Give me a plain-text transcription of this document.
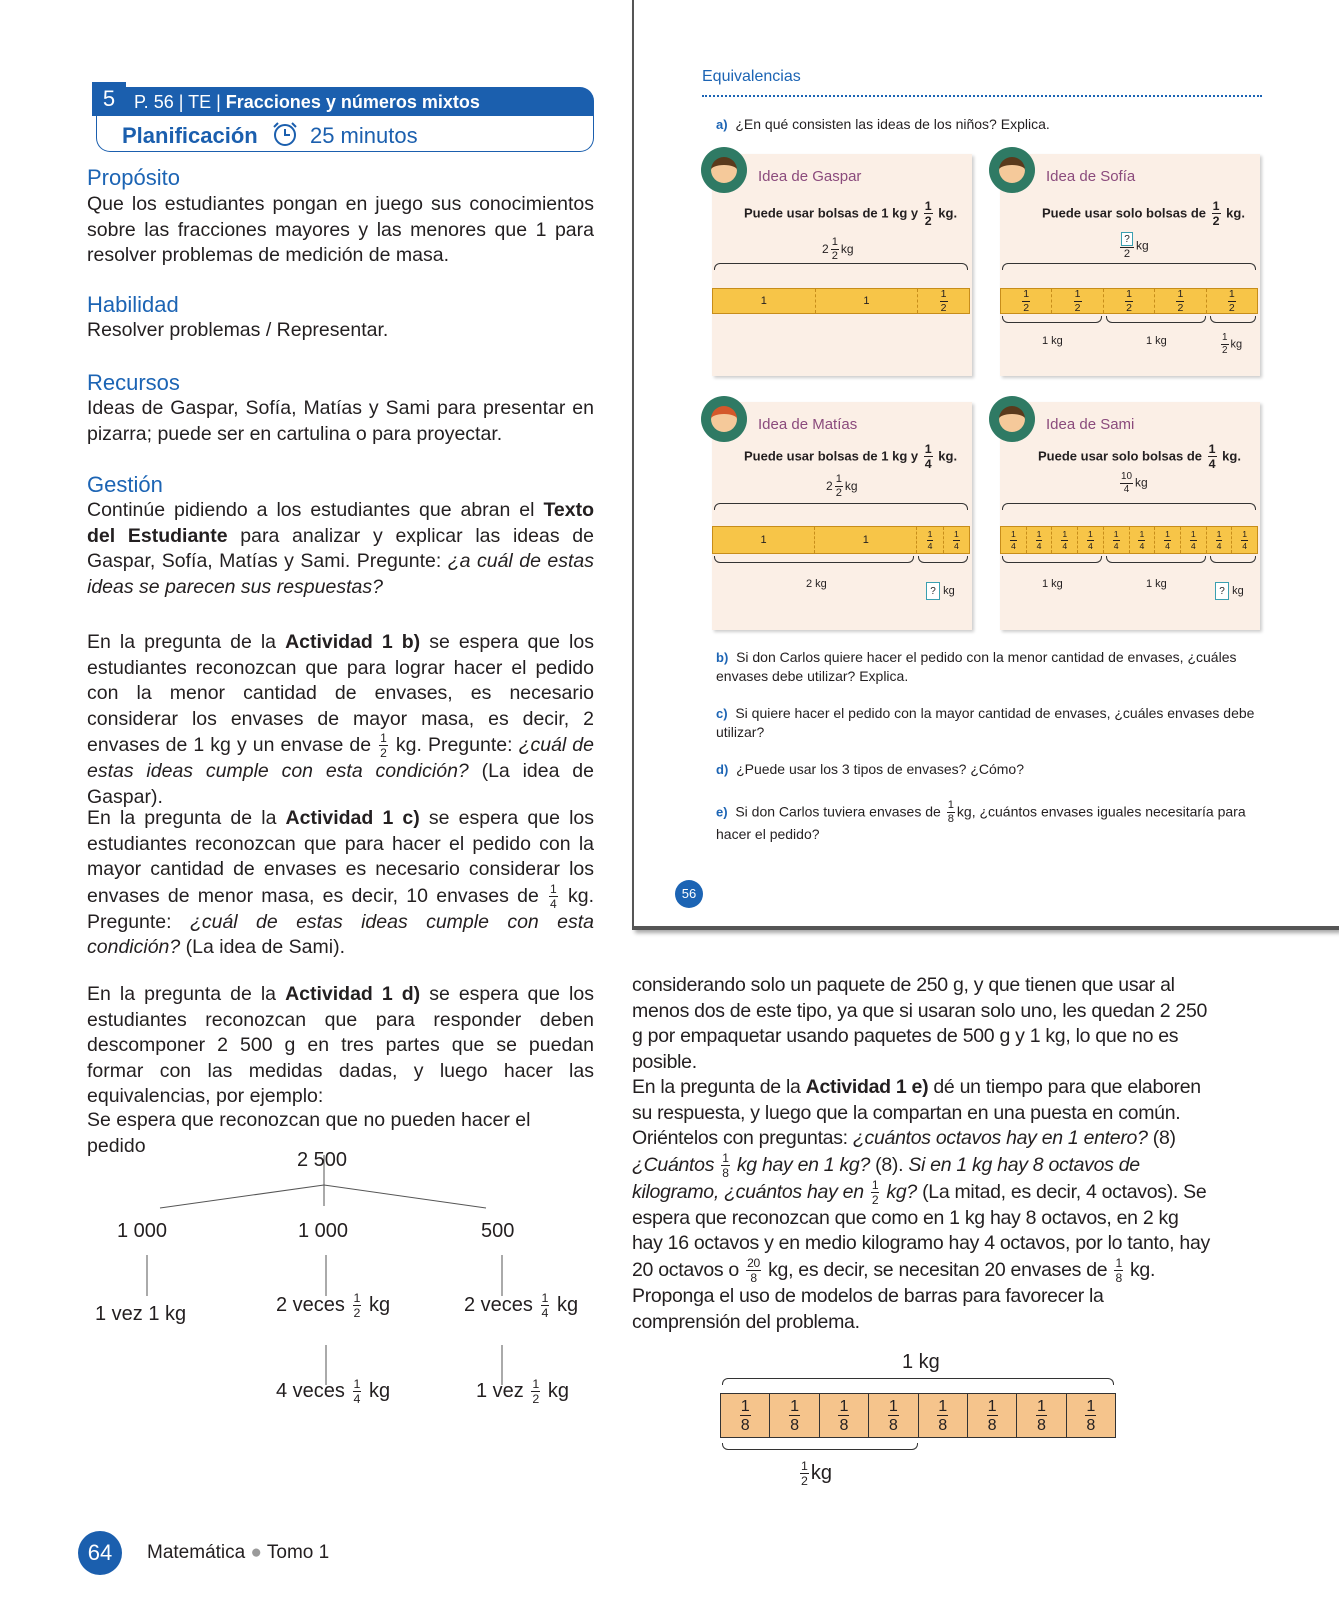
5	P. 56 | TE | Fracciones y números mixtos
Planificación 25 minutos
Propósito
Que los estudiantes pongan en juego sus conocimientos sobre las fracciones mayores y las menores que 1 para resolver problemas de medición de masa.
Habilidad
Resolver problemas / Representar.
Recursos
Ideas de Gaspar, Sofía, Matías y Sami para presentar en pizarra; puede ser en cartulina o para proyectar.
Gestión
Continúe pidiendo a los estudiantes que abran el Texto del Estudiante para analizar y explicar las ideas de Gaspar, Sofía, Matías y Sami. Pregunte: ¿a cuál de estas ideas se parecen sus respuestas?
En la pregunta de la Actividad 1 b) se espera que los estudiantes reconozcan que para lograr hacer el pedido con la menor cantidad de envases, es necesario considerar los envases de mayor masa, es decir, 2 envases de 1 kg y un envase de $\frac{1}{2}$ kg. Pregunte: ¿cuál de estas ideas cumple con esta condición? (La idea de Gaspar).
En la pregunta de la Actividad 1 c) se espera que los estudiantes reconozcan que para hacer el pedido con la mayor cantidad de envases es necesario considerar los envases de menor masa, es decir, 10 envases de $\frac{1}{4}$ kg. Pregunte: ¿cuál de estas ideas cumple con esta condición? (La idea de Sami).
En la pregunta de la Actividad 1 d) se espera que los estudiantes reconozcan que para responder deben descomponer 2 500 g en tres partes que se puedan formar con las medidas dadas, y luego hacer las equivalencias, por ejemplo:
Se espera que reconozcan que no pueden hacer el pedido
2 500
1 000	1 000	500
1 vez 1 kg	2 veces $\frac{1}{2}$ kg	2 veces $\frac{1}{4}$ kg
4 veces $\frac{1}{4}$ kg	1 vez $\frac{1}{2}$ kg
Equivalencias
a) ¿En qué consisten las ideas de los niños? Explica.
Idea de Gaspar
Puede usar bolsas de 1 kg y $\frac{1}{2}$ kg.
$2 \frac{1}{2}$ kg
1	1	$\frac{1}{2}$
Idea de Sofía
Puede usar solo bolsas de $\frac{1}{2}$ kg.
$\frac{?}{2}$ kg
$\frac{1}{2}$	$\frac{1}{2}$	$\frac{1}{2}$	$\frac{1}{2}$	$\frac{1}{2}$
1 kg	1 kg	$\frac{1}{2}$ kg
Idea de Matías
Puede usar bolsas de 1 kg y $\frac{1}{4}$ kg.
$2 \frac{1}{2}$ kg
1	1	$\frac{1}{4} \frac{1}{4}$
2 kg
? kg
Idea de Sami
Puede usar solo bolsas de $\frac{1}{4}$ kg.
$\frac{10}{4}$ kg
$\frac{1}{4} \frac{1}{4} \frac{1}{4} \frac{1}{4} \frac{1}{4} \frac{1}{4} \frac{1}{4} \frac{1}{4} \frac{1}{4} \frac{1}{4}$
1 kg	1 kg
? kg
b) Si don Carlos quiere hacer el pedido con la menor cantidad de envases, ¿cuáles envases debe utilizar? Explica.
c) Si quiere hacer el pedido con la mayor cantidad de envases, ¿cuáles envases debe utilizar?
d) ¿Puede usar los 3 tipos de envases? ¿Cómo?
e) Si don Carlos tuviera envases de $\frac{1}{8}$ kg, ¿cuántos envases iguales necesitaría para hacer el pedido?
56
considerando solo un paquete de 250 g, y que tienen que usar al menos dos de este tipo, ya que si usaran solo uno, les quedan 2 250 g por empaquetar usando paquetes de 500 g y 1 kg, lo que no es posible.
En la pregunta de la Actividad 1 e) dé un tiempo para que elaboren su respuesta, y luego que la compartan en una puesta en común. Oriéntelos con preguntas: ¿cuántos octavos hay en 1 entero? (8) ¿Cuántos $\frac{1}{8}$ kg hay en 1 kg? (8). Si en 1 kg hay 8 octavos de kilogramo, ¿cuántos hay en $\frac{1}{2}$ kg? (La mitad, es decir, 4 octavos). Se espera que reconozcan que como en 1 kg hay 8 octavos, en 2 kg hay 16 octavos y en medio kilogramo hay 4 octavos, por lo tanto, hay 20 octavos o $\frac{20}{8}$ kg, es decir, se necesitan 20 envases de $\frac{1}{8}$ kg. Proponga el uso de modelos de barras para favorecer la comprensión del problema.
1 kg
$\frac{1}{8} \frac{1}{8} \frac{1}{8} \frac{1}{8} \frac{1}{8} \frac{1}{8} \frac{1}{8} \frac{1}{8}$
$\frac{1}{2}$ kg
64	Matemática ● Tomo 1
